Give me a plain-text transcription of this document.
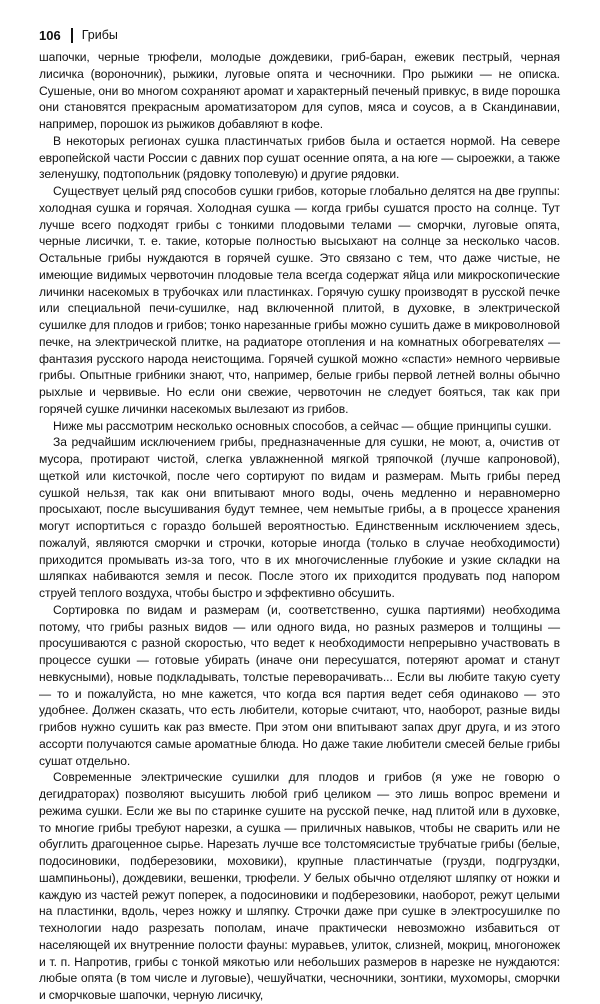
106 Грибы

шапочки, черные трюфели, молодые дождевики, гриб-баран, ежевик пестрый, черная лисичка (вороночник), рыжики, луговые опята и чесночники. Про рыжики — не описка. Сушеные, они во многом сохраняют аромат и характерный печеный привкус, в виде порошка они становятся прекрасным ароматизатором для супов, мяса и соусов, а в Скандинавии, например, порошок из рыжиков добавляют в кофе.

В некоторых регионах сушка пластинчатых грибов была и остается нормой. На севере европейской части России с давних пор сушат осенние опята, а на юге — сыроежки, а также зеленушку, подтопольник (рядовку тополевую) и другие рядовки.

Существует целый ряд способов сушки грибов, которые глобально делятся на две группы: холодная сушка и горячая. Холодная сушка — когда грибы сушатся просто на солнце. Тут лучше всего подходят грибы с тонкими плодовыми телами — сморчки, луговые опята, черные лисички, т. е. такие, которые полностью высыхают на солнце за несколько часов. Остальные грибы нуждаются в горячей сушке. Это связано с тем, что даже чистые, не имеющие видимых червоточин плодовые тела всегда содержат яйца или микроскопические личинки насекомых в трубочках или пластинках. Горячую сушку производят в русской печке или специальной печи-сушилке, над включенной плитой, в духовке, в электрической сушилке для плодов и грибов; тонко нарезанные грибы можно сушить даже в микроволновой печке, на электрической плитке, на радиаторе отопления и на комнатных обогревателях — фантазия русского народа неистощима. Горячей сушкой можно «спасти» немного червивые грибы. Опытные грибники знают, что, например, белые грибы первой летней волны обычно рыхлые и червивые. Но если они свежие, червоточин не следует бояться, так как при горячей сушке личинки насекомых вылезают из грибов.

Ниже мы рассмотрим несколько основных способов, а сейчас — общие принципы сушки.

За редчайшим исключением грибы, предназначенные для сушки, не моют, а, очистив от мусора, протирают чистой, слегка увлажненной мягкой тряпочкой (лучше капроновой), щеткой или кисточкой, после чего сортируют по видам и размерам. Мыть грибы перед сушкой нельзя, так как они впитывают много воды, очень медленно и неравномерно просыхают, после высушивания будут темнее, чем немытые грибы, а в процессе хранения могут испортиться с гораздо большей вероятностью. Единственным исключением здесь, пожалуй, являются сморчки и строчки, которые иногда (только в случае необходимости) приходится промывать из-за того, что в их многочисленные глубокие и узкие складки на шляпках набиваются земля и песок. После этого их приходится продувать под напором струей теплого воздуха, чтобы быстро и эффективно обсушить.

Сортировка по видам и размерам (и, соответственно, сушка партиями) необходима потому, что грибы разных видов — или одного вида, но разных размеров и толщины — просушиваются с разной скоростью, что ведет к необходимости непрерывно участвовать в процессе сушки — готовые убирать (иначе они пересушатся, потеряют аромат и станут невкусными), новые подкладывать, толстые переворачивать... Если вы любите такую суету — то и пожалуйста, но мне кажется, что когда вся партия ведет себя одинаково — это удобнее. Должен сказать, что есть любители, которые считают, что, наоборот, разные виды грибов нужно сушить как раз вместе. При этом они впитывают запах друг друга, и из этого ассорти получаются самые ароматные блюда. Но даже такие любители смесей белые грибы сушат отдельно.

Современные электрические сушилки для плодов и грибов (я уже не говорю о дегидраторах) позволяют высушить любой гриб целиком — это лишь вопрос времени и режима сушки. Если же вы по старинке сушите на русской печке, над плитой или в духовке, то многие грибы требуют нарезки, а сушка — приличных навыков, чтобы не сварить или не обуглить драгоценное сырье. Нарезать лучше все толстомясистые трубчатые грибы (белые, подосиновики, подберезовики, моховики), крупные пластинчатые (грузди, подгруздки, шампиньоны), дождевики, вешенки, трюфели. У белых обычно отделяют шляпку от ножки и каждую из частей режут поперек, а подосиновики и подберезовики, наоборот, режут целыми на пластинки, вдоль, через ножку и шляпку. Строчки даже при сушке в электросушилке по технологии надо разрезать пополам, иначе практически невозможно избавиться от населяющей их внутренние полости фауны: муравьев, улиток, слизней, мокриц, многоножек и т. п. Напротив, грибы с тонкой мякотью или небольших размеров в нарезке не нуждаются: любые опята (в том числе и луговые), чешуйчатки, чесночники, зонтики, мухоморы, сморчки и сморчковые шапочки, черную лисичку,
